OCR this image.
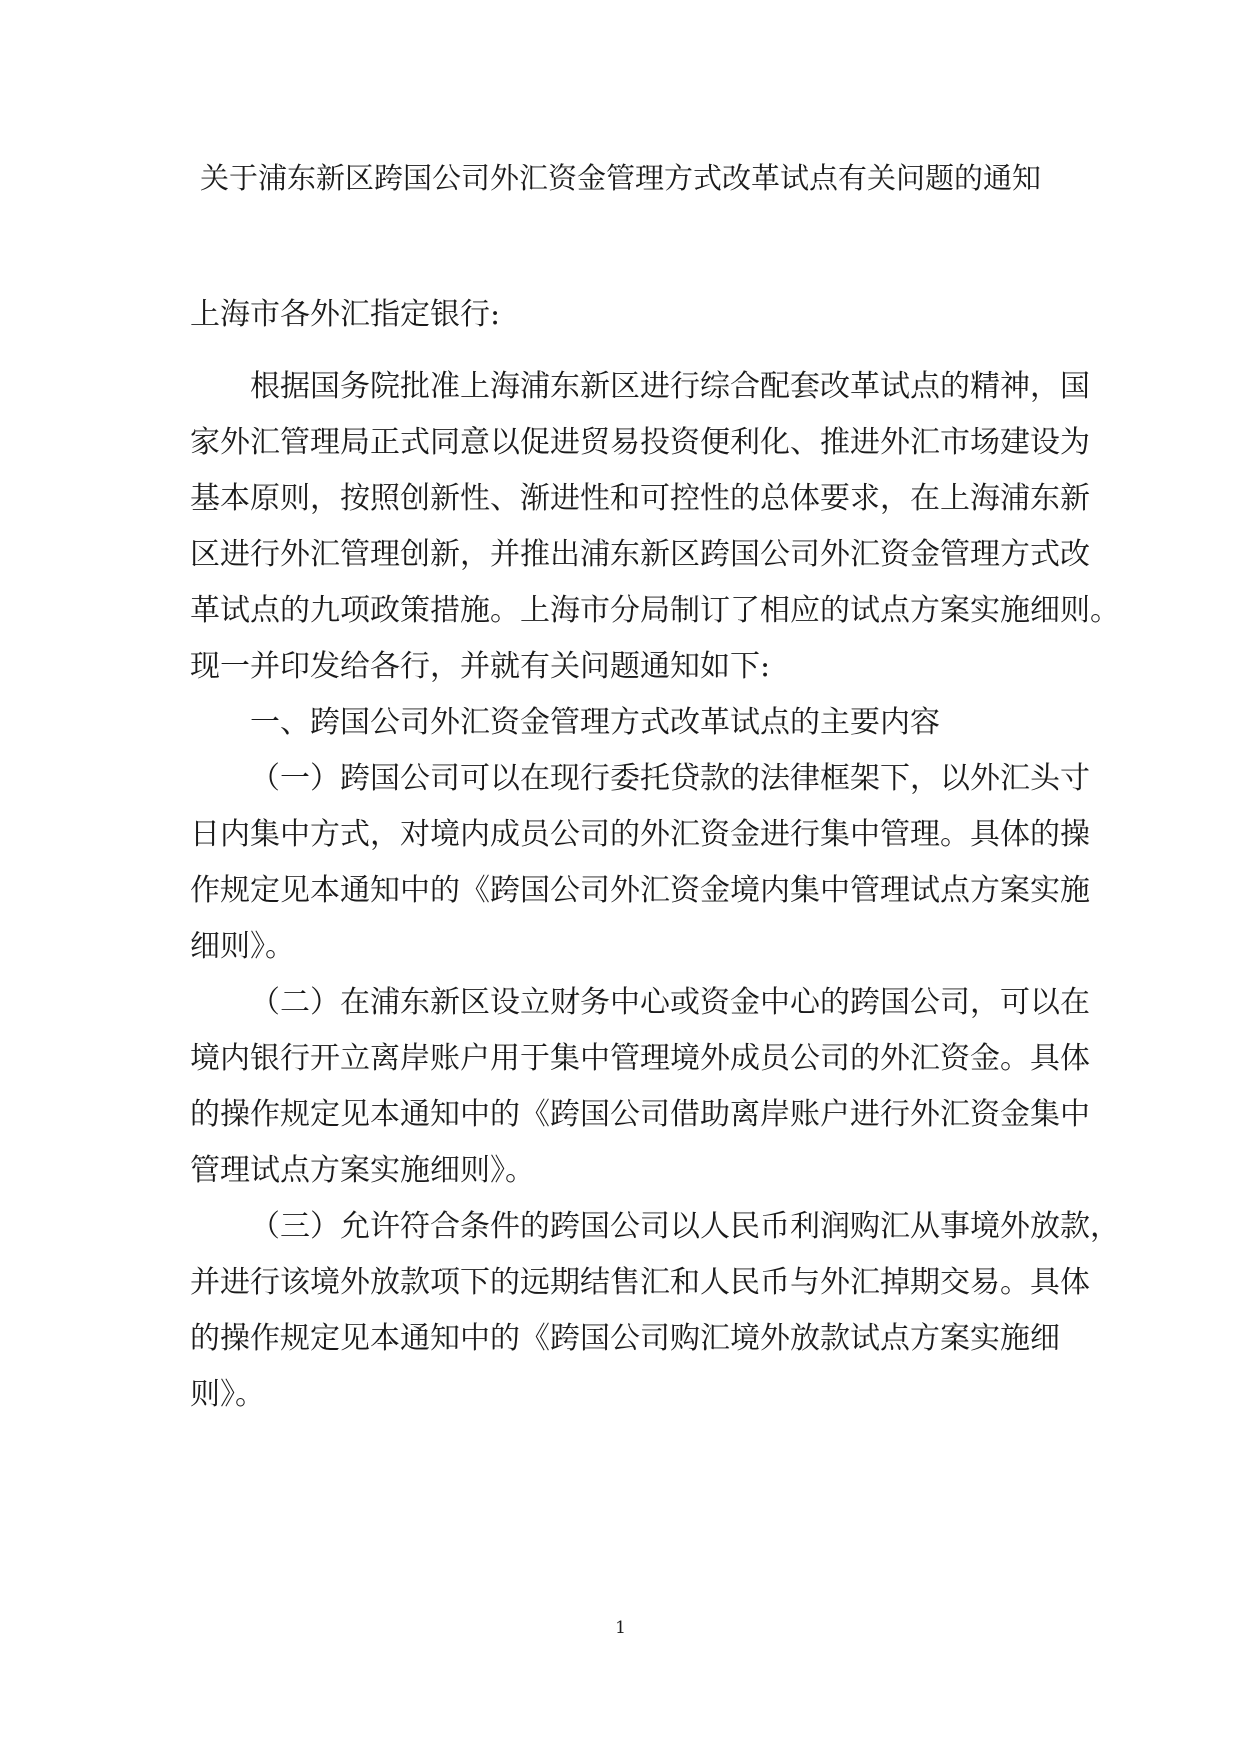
关于浦东新区跨国公司外汇资金管理方式改革试点有关问题的通知
上海市各外汇指定银行:
根据国务院批准上海浦东新区进行综合配套改革试点的精神，国
家外汇管理局正式同意以促进贸易投资便利化、推进外汇市场建设为
基本原则，按照创新性、渐进性和可控性的总体要求，在上海浦东新
区进行外汇管理创新，并推出浦东新区跨国公司外汇资金管理方式改
革试点的九项政策措施。上海市分局制订了相应的试点方案实施细则。
现一并印发给各行，并就有关问题通知如下:
一、跨国公司外汇资金管理方式改革试点的主要内容
（一）跨国公司可以在现行委托贷款的法律框架下，以外汇头寸
日内集中方式，对境内成员公司的外汇资金进行集中管理。具体的操
作规定见本通知中的《跨国公司外汇资金境内集中管理试点方案实施
细则》。
（二）在浦东新区设立财务中心或资金中心的跨国公司，可以在
境内银行开立离岸账户用于集中管理境外成员公司的外汇资金。具体
的操作规定见本通知中的《跨国公司借助离岸账户进行外汇资金集中
管理试点方案实施细则》。
（三）允许符合条件的跨国公司以人民币利润购汇从事境外放款，
并进行该境外放款项下的远期结售汇和人民币与外汇掉期交易。具体
的操作规定见本通知中的《跨国公司购汇境外放款试点方案实施细
则》。
1
